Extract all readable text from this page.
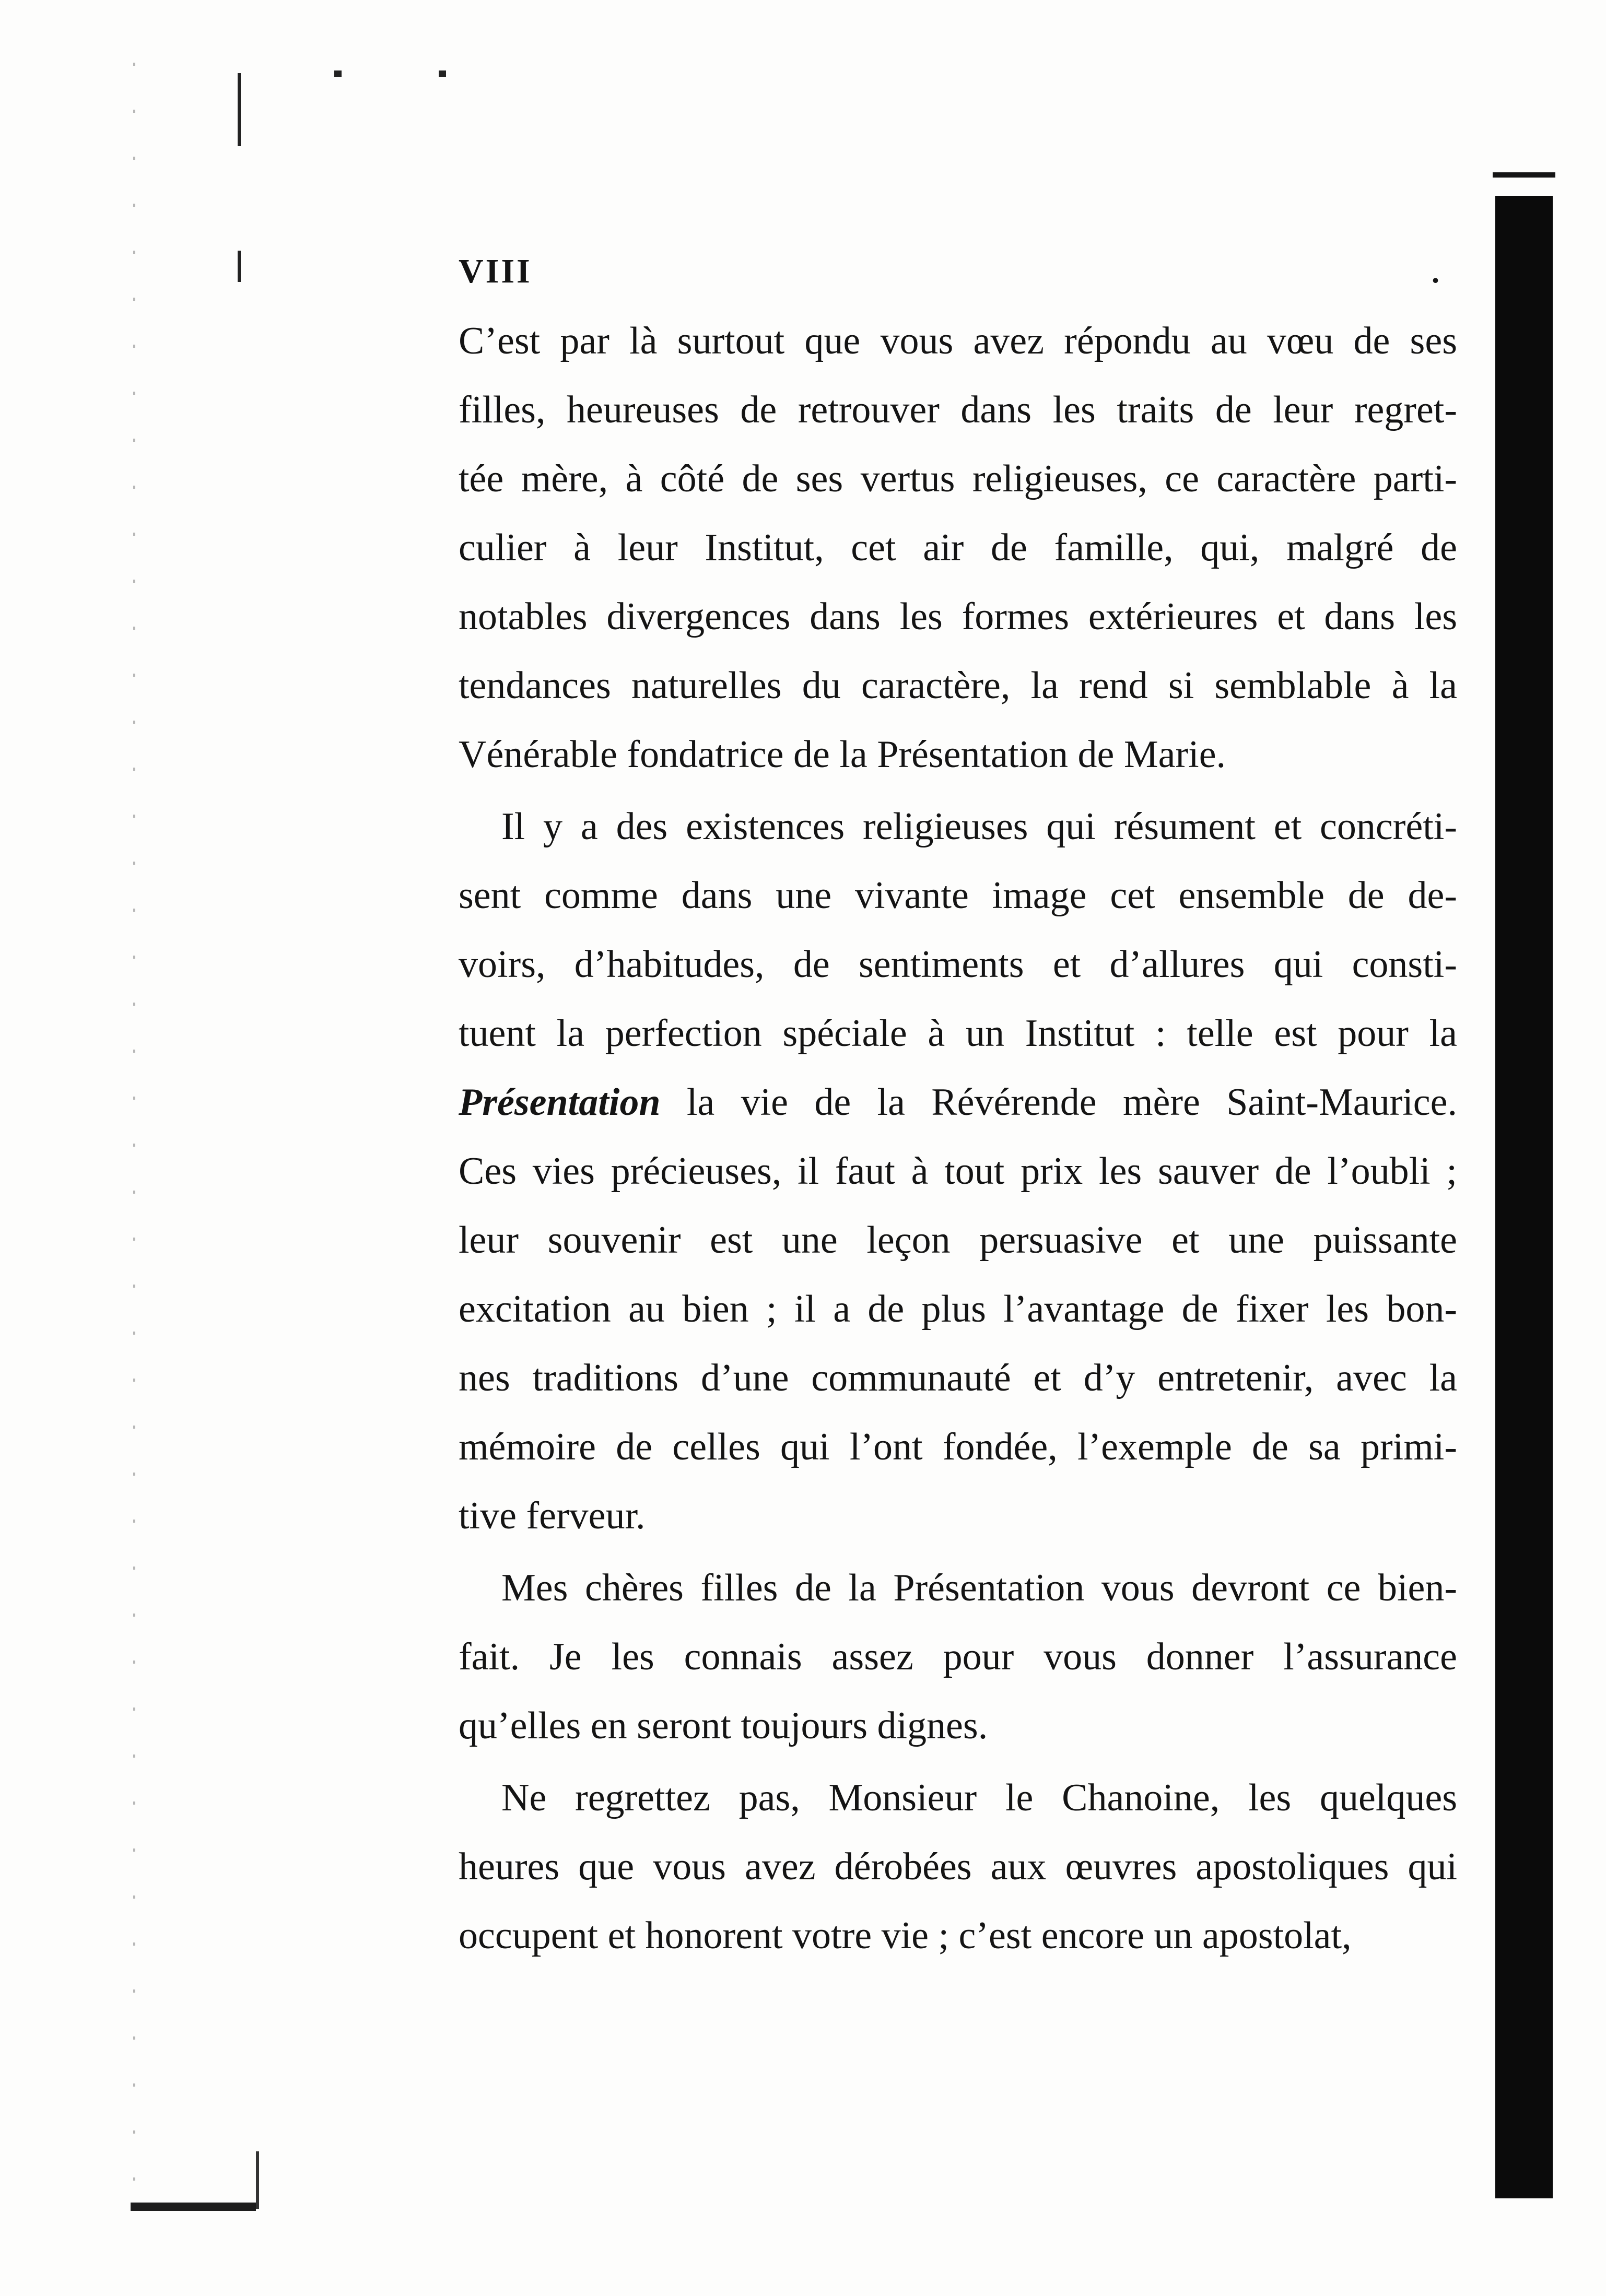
VIII	.

C’est par là surtout que vous avez répondu au vœu de ses
filles, heureuses de retrouver dans les traits de leur regret-
tée mère, à côté de ses vertus religieuses, ce caractère parti-
culier à leur Institut, cet air de famille, qui, malgré de
notables divergences dans les formes extérieures et dans les
tendances naturelles du caractère, la rend si semblable à la
Vénérable fondatrice de la Présentation de Marie.

Il y a des existences religieuses qui résument et concréti-
sent comme dans une vivante image cet ensemble de de-
voirs, d’habitudes, de sentiments et d’allures qui consti-
tuent la perfection spéciale à un Institut : telle est pour la
Présentation la vie de la Révérende mère Saint-Maurice.
Ces vies précieuses, il faut à tout prix les sauver de l’oubli ;
leur souvenir est une leçon persuasive et une puissante
excitation au bien ; il a de plus l’avantage de fixer les bon-
nes traditions d’une communauté et d’y entretenir, avec la
mémoire de celles qui l’ont fondée, l’exemple de sa primi-
tive ferveur.

Mes chères filles de la Présentation vous devront ce bien-
fait. Je les connais assez pour vous donner l’assurance
qu’elles en seront toujours dignes.

Ne regrettez pas, Monsieur le Chanoine, les quelques
heures que vous avez dérobées aux œuvres apostoliques qui
occupent et honorent votre vie ; c’est encore un apostolat,
